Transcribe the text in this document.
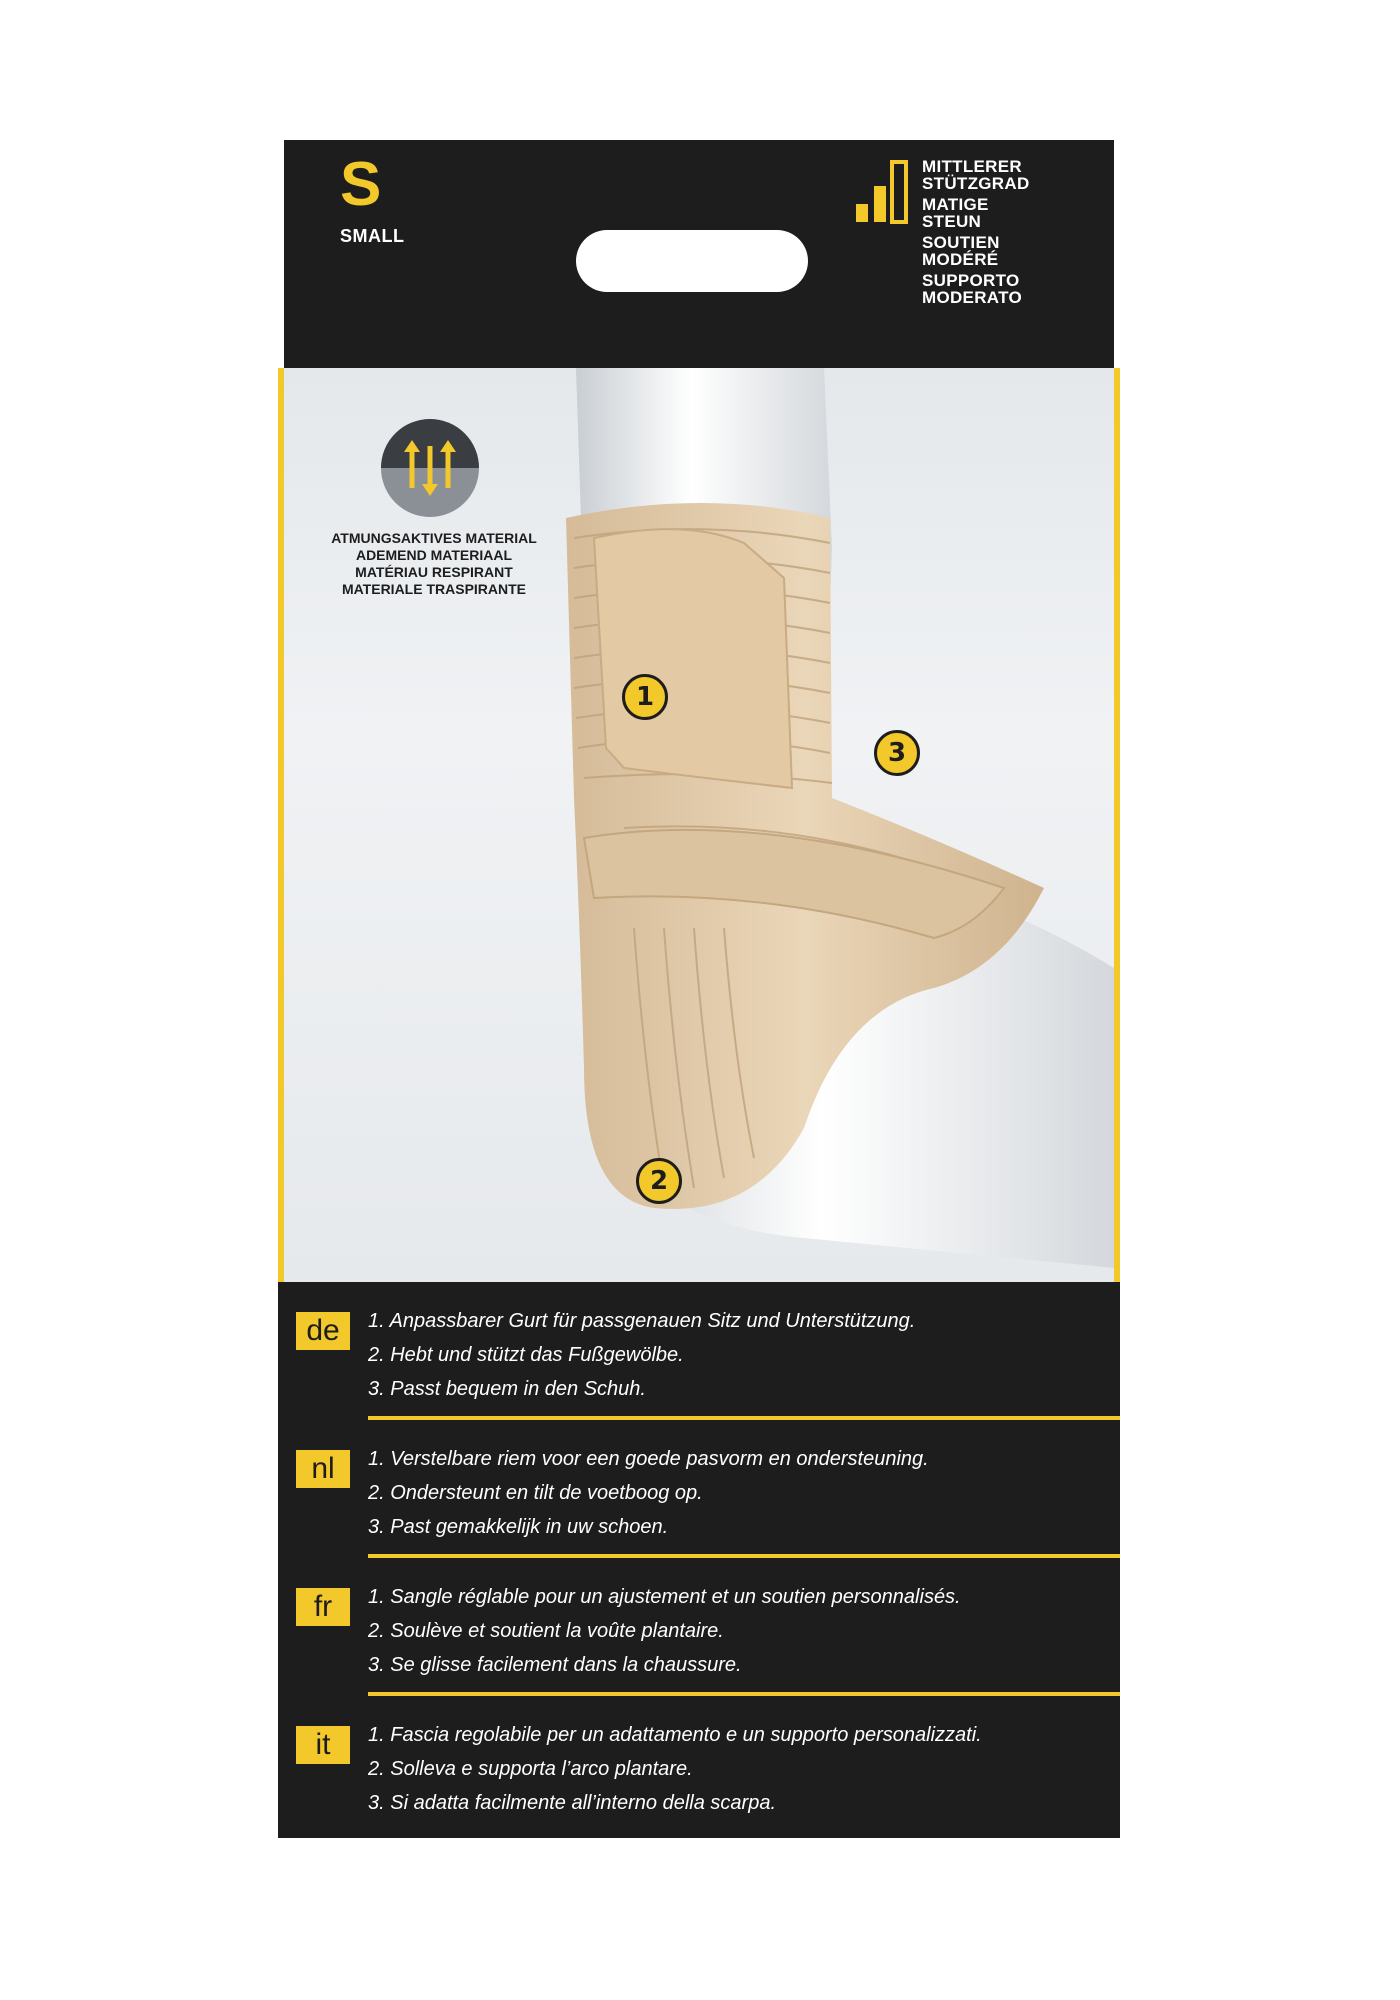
S
SMALL
MITTLERER
STÜTZGRAD
MATIGE
STEUN
SOUTIEN
MODÉRÉ
SUPPORTO
MODERATO
ATMUNGSAKTIVES MATERIAL
ADEMEND MATERIAAL
MATÉRIAU RESPIRANT
MATERIALE TRASPIRANTE
1
3
2
de	1. Anpassbarer Gurt für passgenauen Sitz und Unterstützung.
2. Hebt und stützt das Fußgewölbe.
3. Passt bequem in den Schuh.
nl	1. Verstelbare riem voor een goede pasvorm en ondersteuning.
2. Ondersteunt en tilt de voetboog op.
3. Past gemakkelijk in uw schoen.
fr	1. Sangle réglable pour un ajustement et un soutien personnalisés.
2. Soulève et soutient la voûte plantaire.
3. Se glisse facilement dans la chaussure.
it	1. Fascia regolabile per un adattamento e un supporto personalizzati.
2. Solleva e supporta l’arco plantare.
3. Si adatta facilmente all’interno della scarpa.
